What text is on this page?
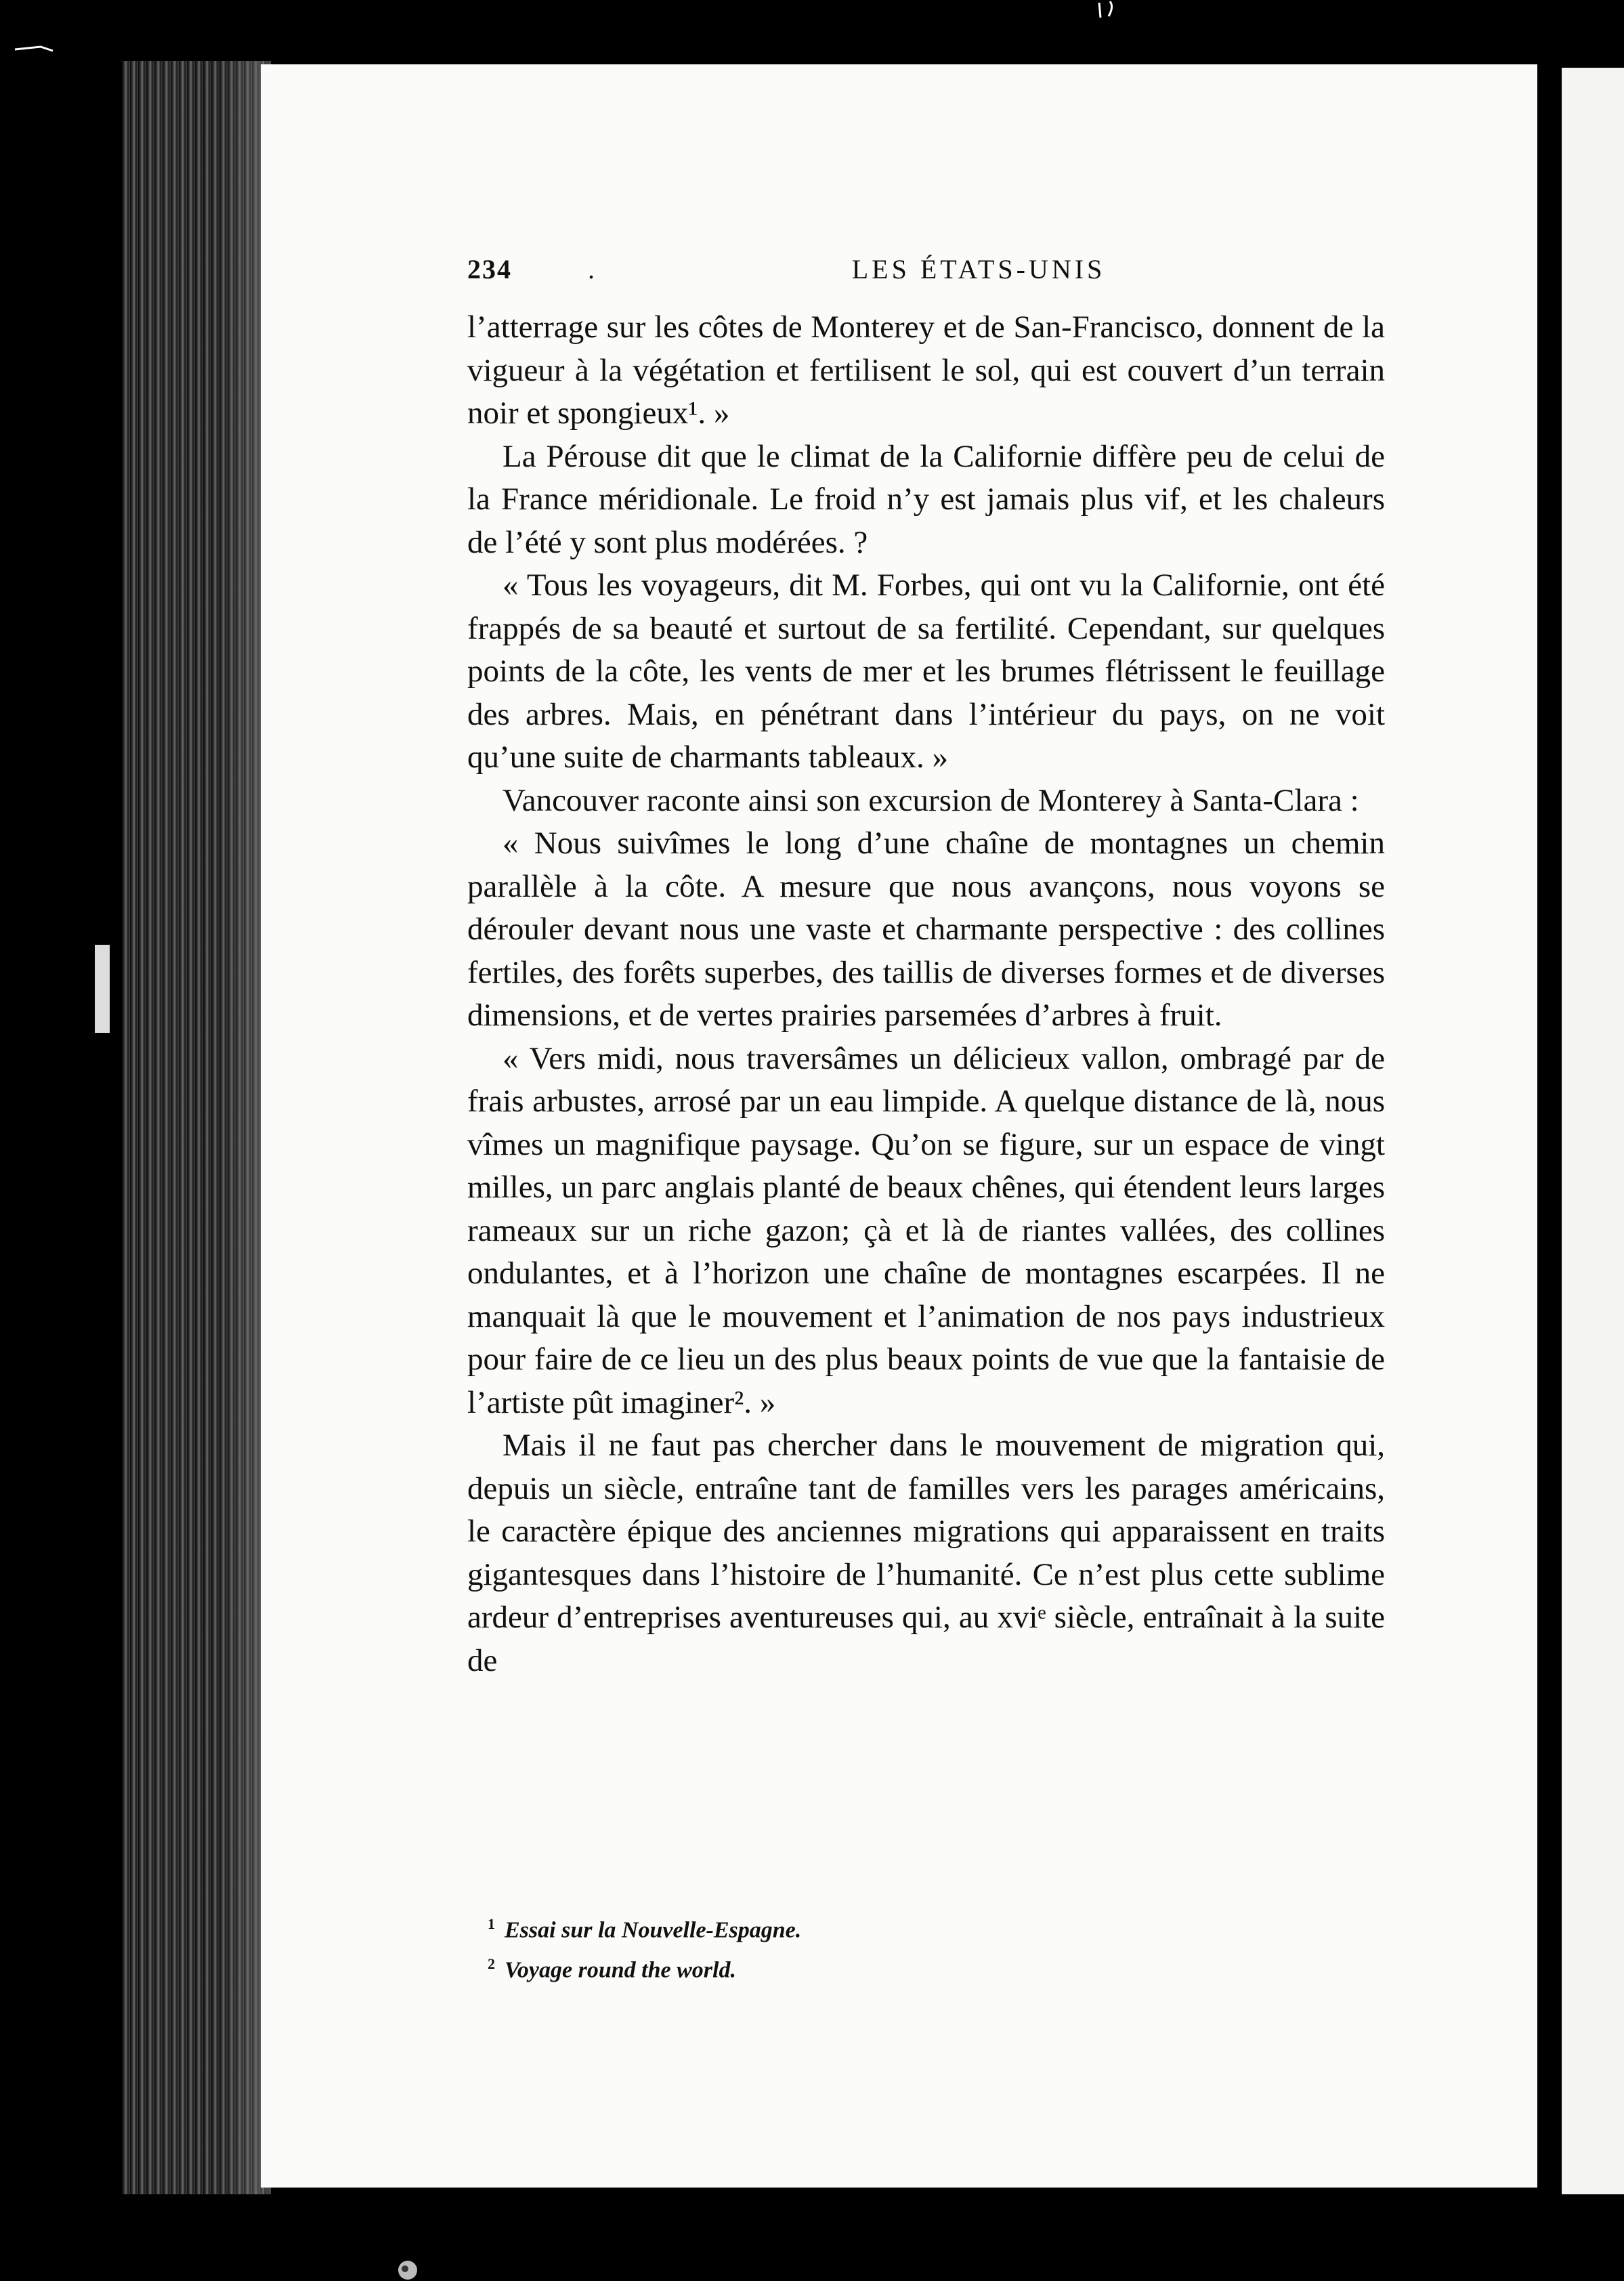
234	.	LES ÉTATS-UNIS

l’atterrage sur les côtes de Monterey et de San-Francisco, donnent de la vigueur à la végétation et fertilisent le sol, qui est couvert d’un terrain noir et spongieux¹. »

La Pérouse dit que le climat de la Californie diffère peu de celui de la France méridionale. Le froid n’y est jamais plus vif, et les chaleurs de l’été y sont plus modérées. ?

« Tous les voyageurs, dit M. Forbes, qui ont vu la Californie, ont été frappés de sa beauté et surtout de sa fertilité. Cependant, sur quelques points de la côte, les vents de mer et les brumes flétrissent le feuillage des arbres. Mais, en pénétrant dans l’intérieur du pays, on ne voit qu’une suite de charmants tableaux. »

Vancouver raconte ainsi son excursion de Monterey à Santa-Clara :

« Nous suivîmes le long d’une chaîne de montagnes un chemin parallèle à la côte. A mesure que nous avançons, nous voyons se dérouler devant nous une vaste et charmante perspective : des collines fertiles, des forêts superbes, des taillis de diverses formes et de diverses dimensions, et de vertes prairies parsemées d’arbres à fruit.

« Vers midi, nous traversâmes un délicieux vallon, ombragé par de frais arbustes, arrosé par un eau limpide. A quelque distance de là, nous vîmes un magnifique paysage. Qu’on se figure, sur un espace de vingt milles, un parc anglais planté de beaux chênes, qui étendent leurs larges rameaux sur un riche gazon; çà et là de riantes vallées, des collines ondulantes, et à l’horizon une chaîne de montagnes escarpées. Il ne manquait là que le mouvement et l’animation de nos pays industrieux pour faire de ce lieu un des plus beaux points de vue que la fantaisie de l’artiste pût imaginer². »

Mais il ne faut pas chercher dans le mouvement de migration qui, depuis un siècle, entraîne tant de familles vers les parages américains, le caractère épique des anciennes migrations qui apparaissent en traits gigantesques dans l’histoire de l’humanité. Ce n’est plus cette sublime ardeur d’entreprises aventureuses qui, au xviᵉ siècle, entraînait à la suite de

$^1$ Essai sur la Nouvelle-Espagne.
$^2$ Voyage round the world.
